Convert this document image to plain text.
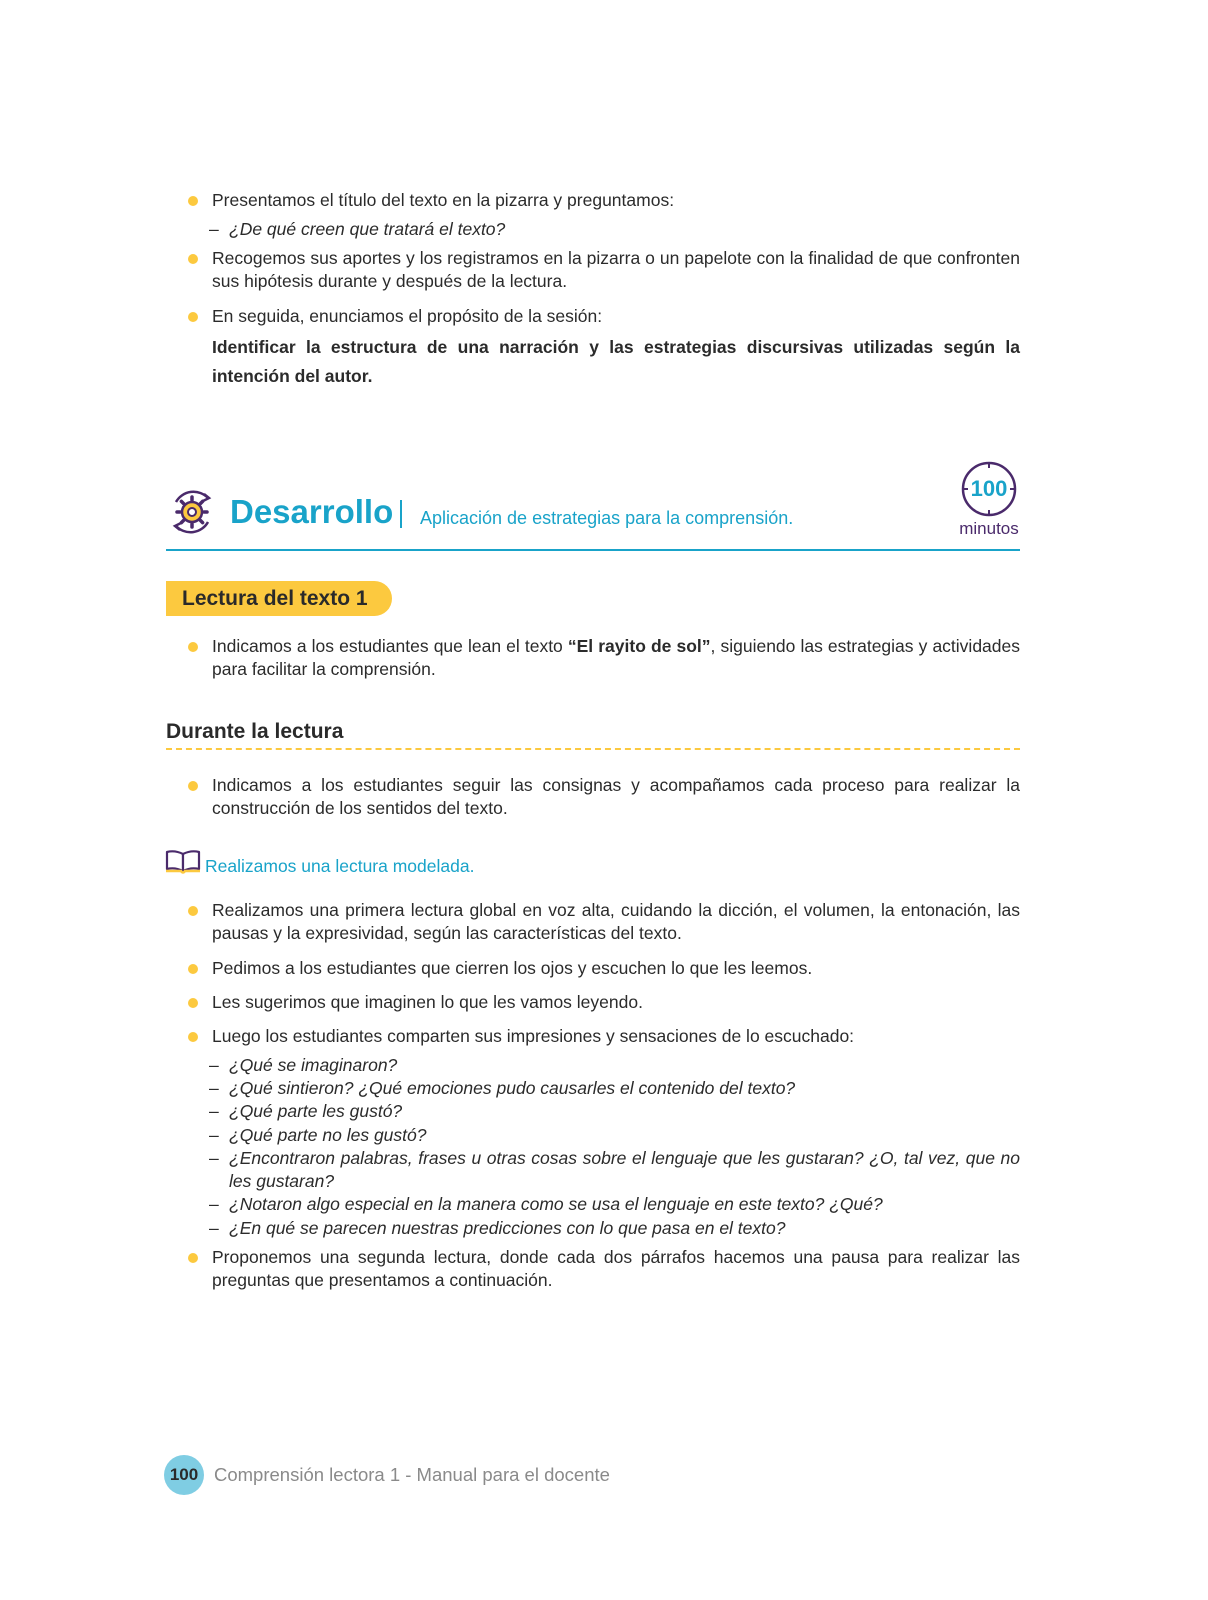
Presentamos el título del texto en la pizarra y preguntamos:
– ¿De qué creen que tratará el texto?
Recogemos sus aportes y los registramos en la pizarra o un papelote con la finalidad de que confronten sus hipótesis durante y después de la lectura.
En seguida, enunciamos el propósito de la sesión:
Identificar la estructura de una narración y las estrategias discursivas utilizadas según la intención del autor.
Desarrollo Aplicación de estrategias para la comprensión.
100
minutos
Lectura del texto 1
Indicamos a los estudiantes que lean el texto “El rayito de sol”, siguiendo las estrategias y actividades para facilitar la comprensión.
Durante la lectura
Indicamos a los estudiantes seguir las consignas y acompañamos cada proceso para realizar la construcción de los sentidos del texto.
Realizamos una lectura modelada.
Realizamos una primera lectura global en voz alta, cuidando la dicción, el volumen, la entonación, las pausas y la expresividad, según las características del texto.
Pedimos a los estudiantes que cierren los ojos y escuchen lo que les leemos.
Les sugerimos que imaginen lo que les vamos leyendo.
Luego los estudiantes comparten sus impresiones y sensaciones de lo escuchado:
– ¿Qué se imaginaron?
– ¿Qué sintieron? ¿Qué emociones pudo causarles el contenido del texto?
– ¿Qué parte les gustó?
– ¿Qué parte no les gustó?
– ¿Encontraron palabras, frases u otras cosas sobre el lenguaje que les gustaran? ¿O, tal vez, que no les gustaran?
– ¿Notaron algo especial en la manera como se usa el lenguaje en este texto? ¿Qué?
– ¿En qué se parecen nuestras predicciones con lo que pasa en el texto?
Proponemos una segunda lectura, donde cada dos párrafos hacemos una pausa para realizar las preguntas que presentamos a continuación.
100 Comprensión lectora 1 - Manual para el docente
